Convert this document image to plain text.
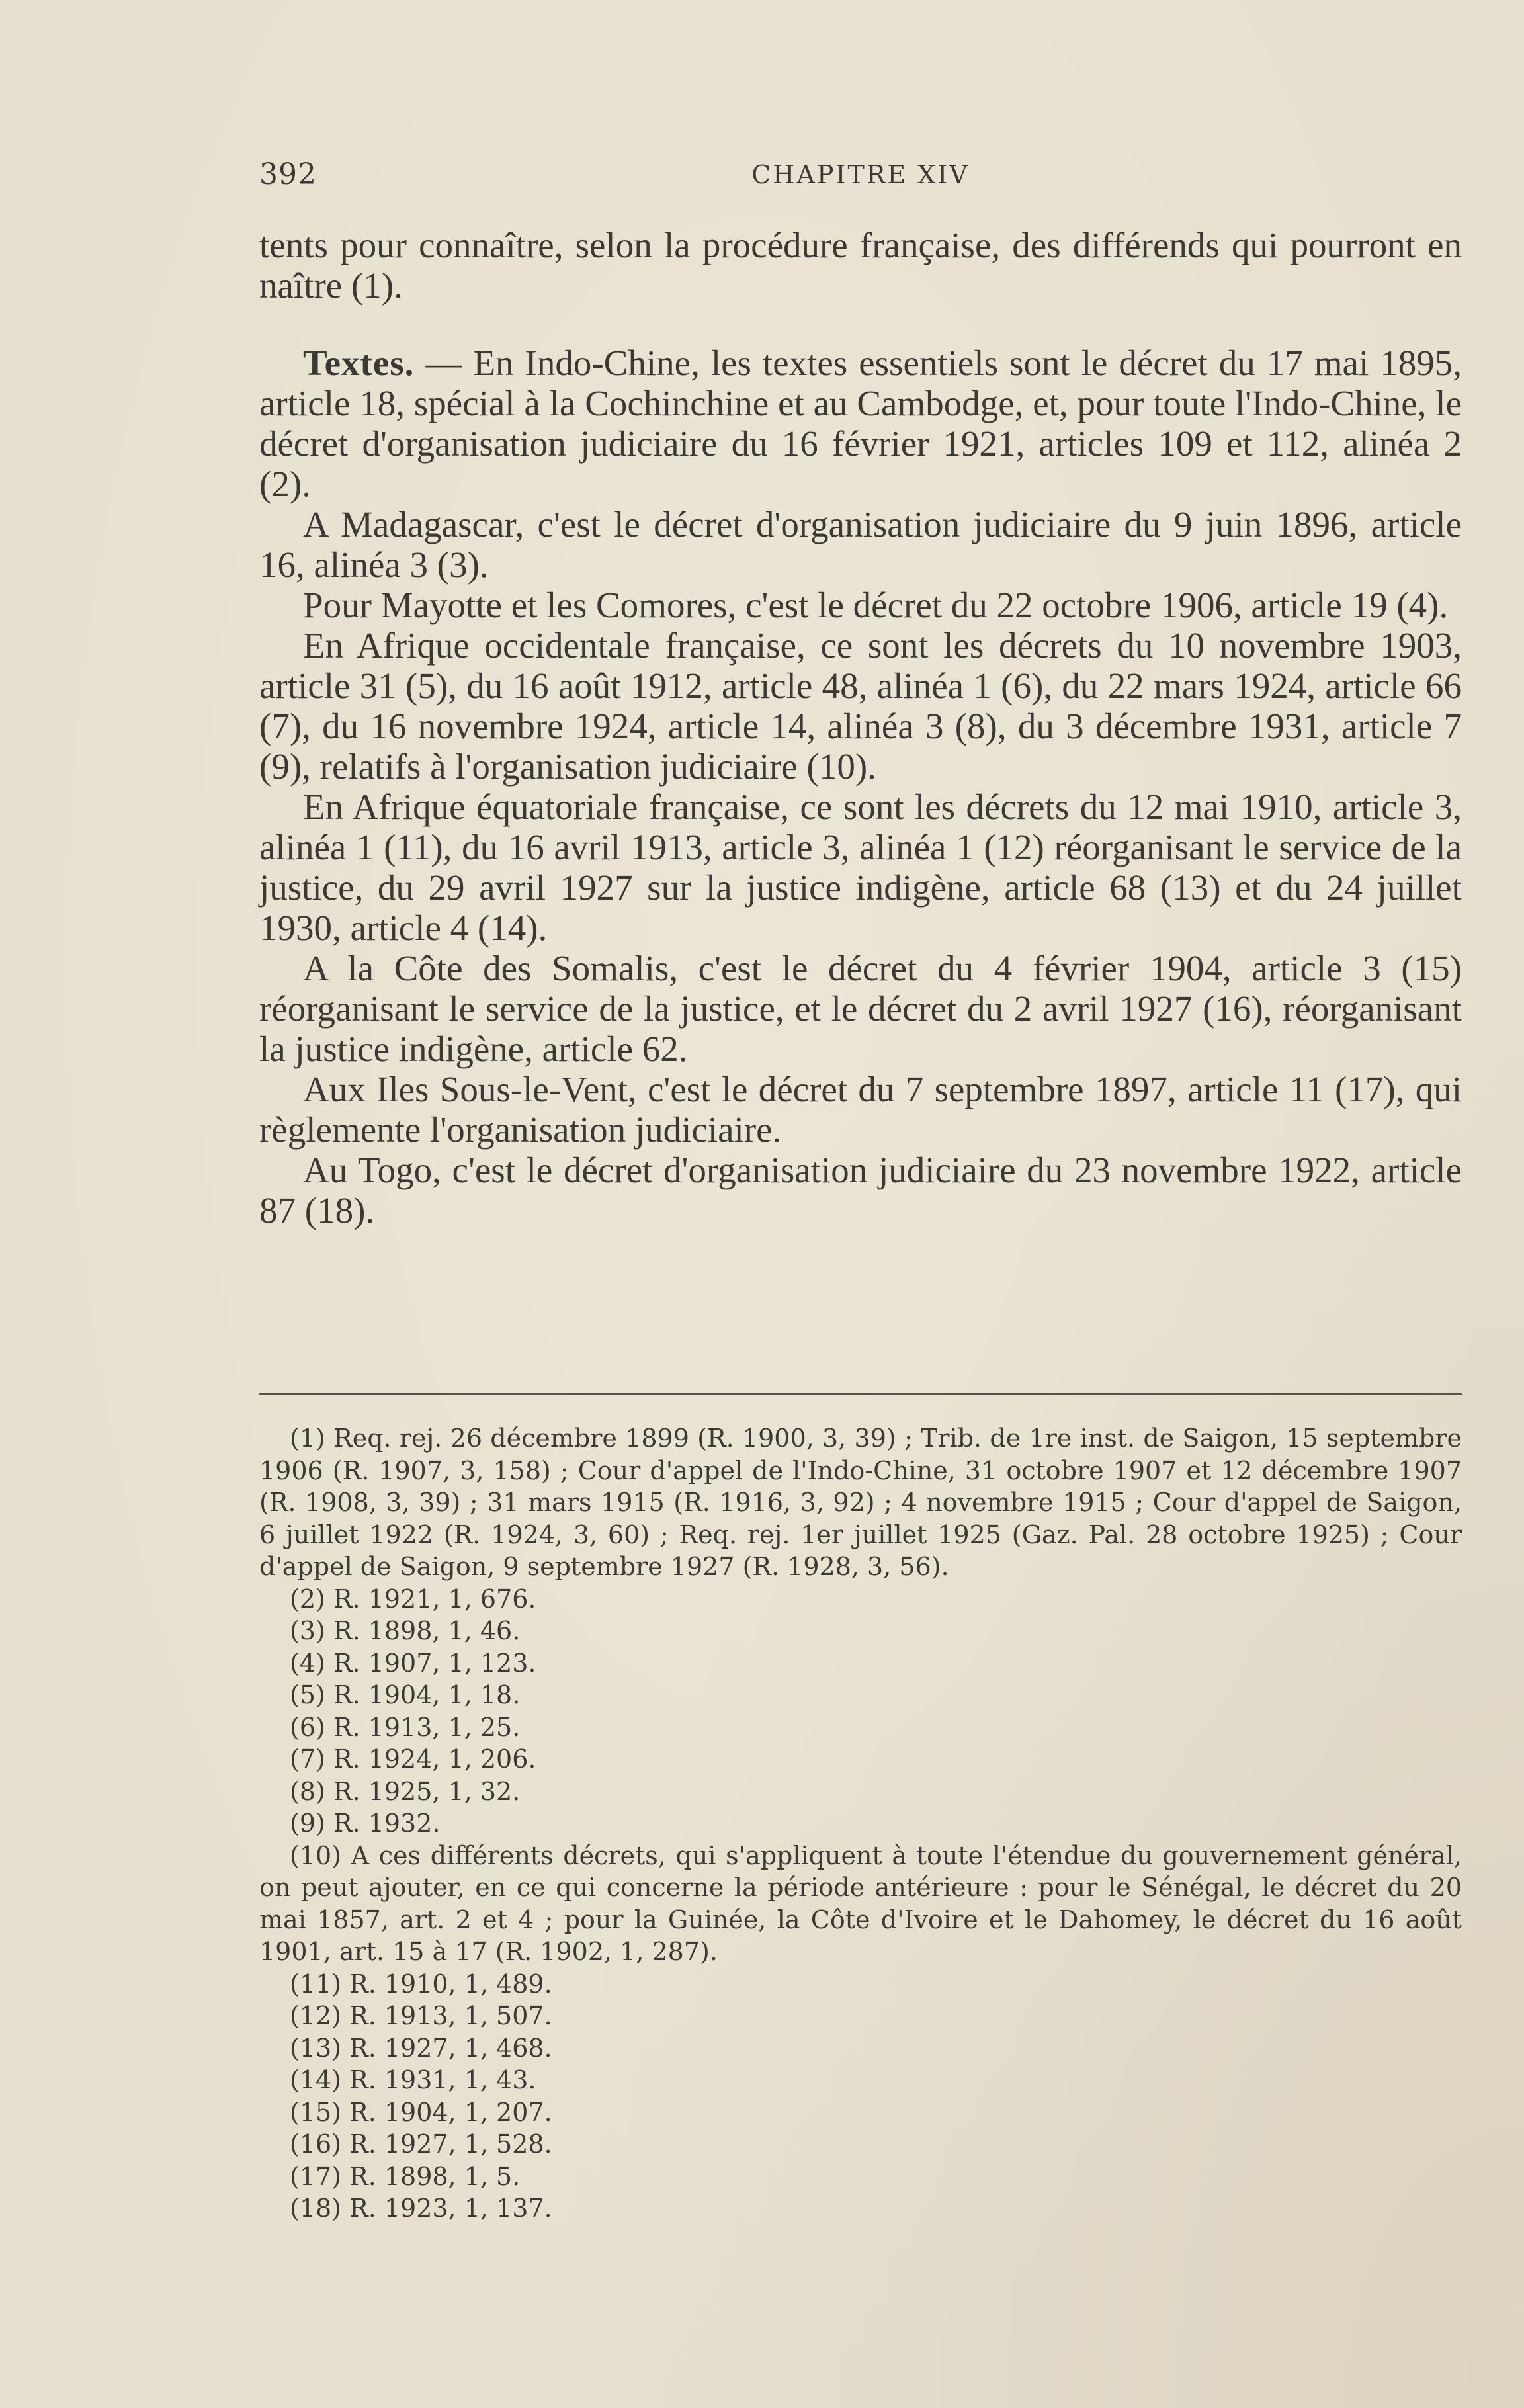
392	CHAPITRE XIV

tents pour connaître, selon la procédure française, des différends qui pourront en naître (1).

Textes. — En Indo-Chine, les textes essentiels sont le décret du 17 mai 1895, article 18, spécial à la Cochinchine et au Cambodge, et, pour toute l'Indo-Chine, le décret d'organisation judiciaire du 16 février 1921, articles 109 et 112, alinéa 2 (2).

A Madagascar, c'est le décret d'organisation judiciaire du 9 juin 1896, article 16, alinéa 3 (3).

Pour Mayotte et les Comores, c'est le décret du 22 octobre 1906, article 19 (4).

En Afrique occidentale française, ce sont les décrets du 10 novembre 1903, article 31 (5), du 16 août 1912, article 48, alinéa 1 (6), du 22 mars 1924, article 66 (7), du 16 novembre 1924, article 14, alinéa 3 (8), du 3 décembre 1931, article 7 (9), relatifs à l'organisation judiciaire (10).

En Afrique équatoriale française, ce sont les décrets du 12 mai 1910, article 3, alinéa 1 (11), du 16 avril 1913, article 3, alinéa 1 (12) réorganisant le service de la justice, du 29 avril 1927 sur la justice indigène, article 68 (13) et du 24 juillet 1930, article 4 (14).

A la Côte des Somalis, c'est le décret du 4 février 1904, article 3 (15) réorganisant le service de la justice, et le décret du 2 avril 1927 (16), réorganisant la justice indigène, article 62.

Aux Iles Sous-le-Vent, c'est le décret du 7 septembre 1897, article 11 (17), qui règlemente l'organisation judiciaire.

Au Togo, c'est le décret d'organisation judiciaire du 23 novembre 1922, article 87 (18).

(1) Req. rej. 26 décembre 1899 (R. 1900, 3, 39) ; Trib. de 1re inst. de Saigon, 15 septembre 1906 (R. 1907, 3, 158) ; Cour d'appel de l'Indo-Chine, 31 octobre 1907 et 12 décembre 1907 (R. 1908, 3, 39) ; 31 mars 1915 (R. 1916, 3, 92) ; 4 novembre 1915 ; Cour d'appel de Saigon, 6 juillet 1922 (R. 1924, 3, 60) ; Req. rej. 1er juillet 1925 (Gaz. Pal. 28 octobre 1925) ; Cour d'appel de Saigon, 9 septembre 1927 (R. 1928, 3, 56).

(2) R. 1921, 1, 676.

(3) R. 1898, 1, 46.

(4) R. 1907, 1, 123.

(5) R. 1904, 1, 18.

(6) R. 1913, 1, 25.

(7) R. 1924, 1, 206.

(8) R. 1925, 1, 32.

(9) R. 1932.

(10) A ces différents décrets, qui s'appliquent à toute l'étendue du gouvernement général, on peut ajouter, en ce qui concerne la période antérieure : pour le Sénégal, le décret du 20 mai 1857, art. 2 et 4 ; pour la Guinée, la Côte d'Ivoire et le Dahomey, le décret du 16 août 1901, art. 15 à 17 (R. 1902, 1, 287).

(11) R. 1910, 1, 489.

(12) R. 1913, 1, 507.

(13) R. 1927, 1, 468.

(14) R. 1931, 1, 43.

(15) R. 1904, 1, 207.

(16) R. 1927, 1, 528.

(17) R. 1898, 1, 5.

(18) R. 1923, 1, 137.
